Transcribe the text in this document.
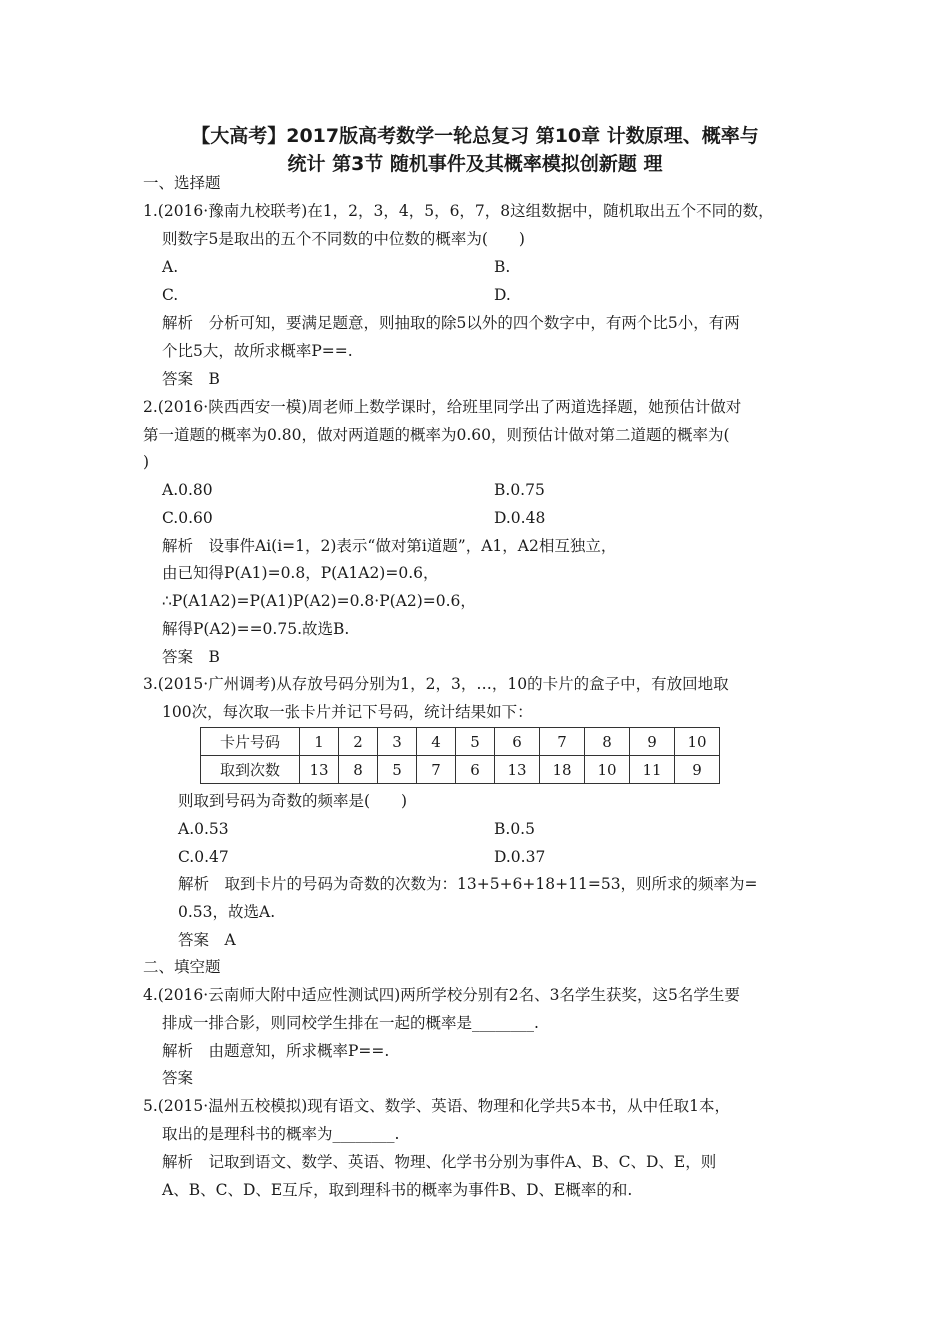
【大高考】2017版高考数学一轮总复习 第10章 计数原理、概率与
统计 第3节 随机事件及其概率模拟创新题 理
一、选择题
1.(2016·豫南九校联考)在1，2，3，4，5，6，7，8这组数据中，随机取出五个不同的数，
则数字5是取出的五个不同数的中位数的概率为(　　)
A.	B.
C.	D.
解析　分析可知，要满足题意，则抽取的除5以外的四个数字中，有两个比5小，有两
个比5大，故所求概率P==.
答案　B
2.(2016·陕西西安一模)周老师上数学课时，给班里同学出了两道选择题，她预估计做对
第一道题的概率为0.80，做对两道题的概率为0.60，则预估计做对第二道题的概率为(
)
A.0.80	B.0.75
C.0.60	D.0.48
解析　设事件Ai(i=1，2)表示“做对第i道题”，A1，A2相互独立，
由已知得P(A1)=0.8，P(A1A2)=0.6，
∴P(A1A2)=P(A1)P(A2)=0.8·P(A2)=0.6，
解得P(A2)==0.75.故选B.
答案　B
3.(2015·广州调考)从存放号码分别为1，2，3，…，10的卡片的盒子中，有放回地取
100次，每次取一张卡片并记下号码，统计结果如下：
卡片号码	1	2	3	4	5	6	7	8	9	10
取到次数	13	8	5	7	6	13	18	10	11	9
则取到号码为奇数的频率是(　　)
A.0.53	B.0.5
C.0.47	D.0.37
解析　取到卡片的号码为奇数的次数为：13+5+6+18+11=53，则所求的频率为=
0.53，故选A.
答案　A
二、填空题
4.(2016·云南师大附中适应性测试四)两所学校分别有2名、3名学生获奖，这5名学生要
排成一排合影，则同校学生排在一起的概率是________.
解析　由题意知，所求概率P==.
答案
5.(2015·温州五校模拟)现有语文、数学、英语、物理和化学共5本书，从中任取1本，
取出的是理科书的概率为________.
解析　记取到语文、数学、英语、物理、化学书分别为事件A、B、C、D、E，则
A、B、C、D、E互斥，取到理科书的概率为事件B、D、E概率的和.
